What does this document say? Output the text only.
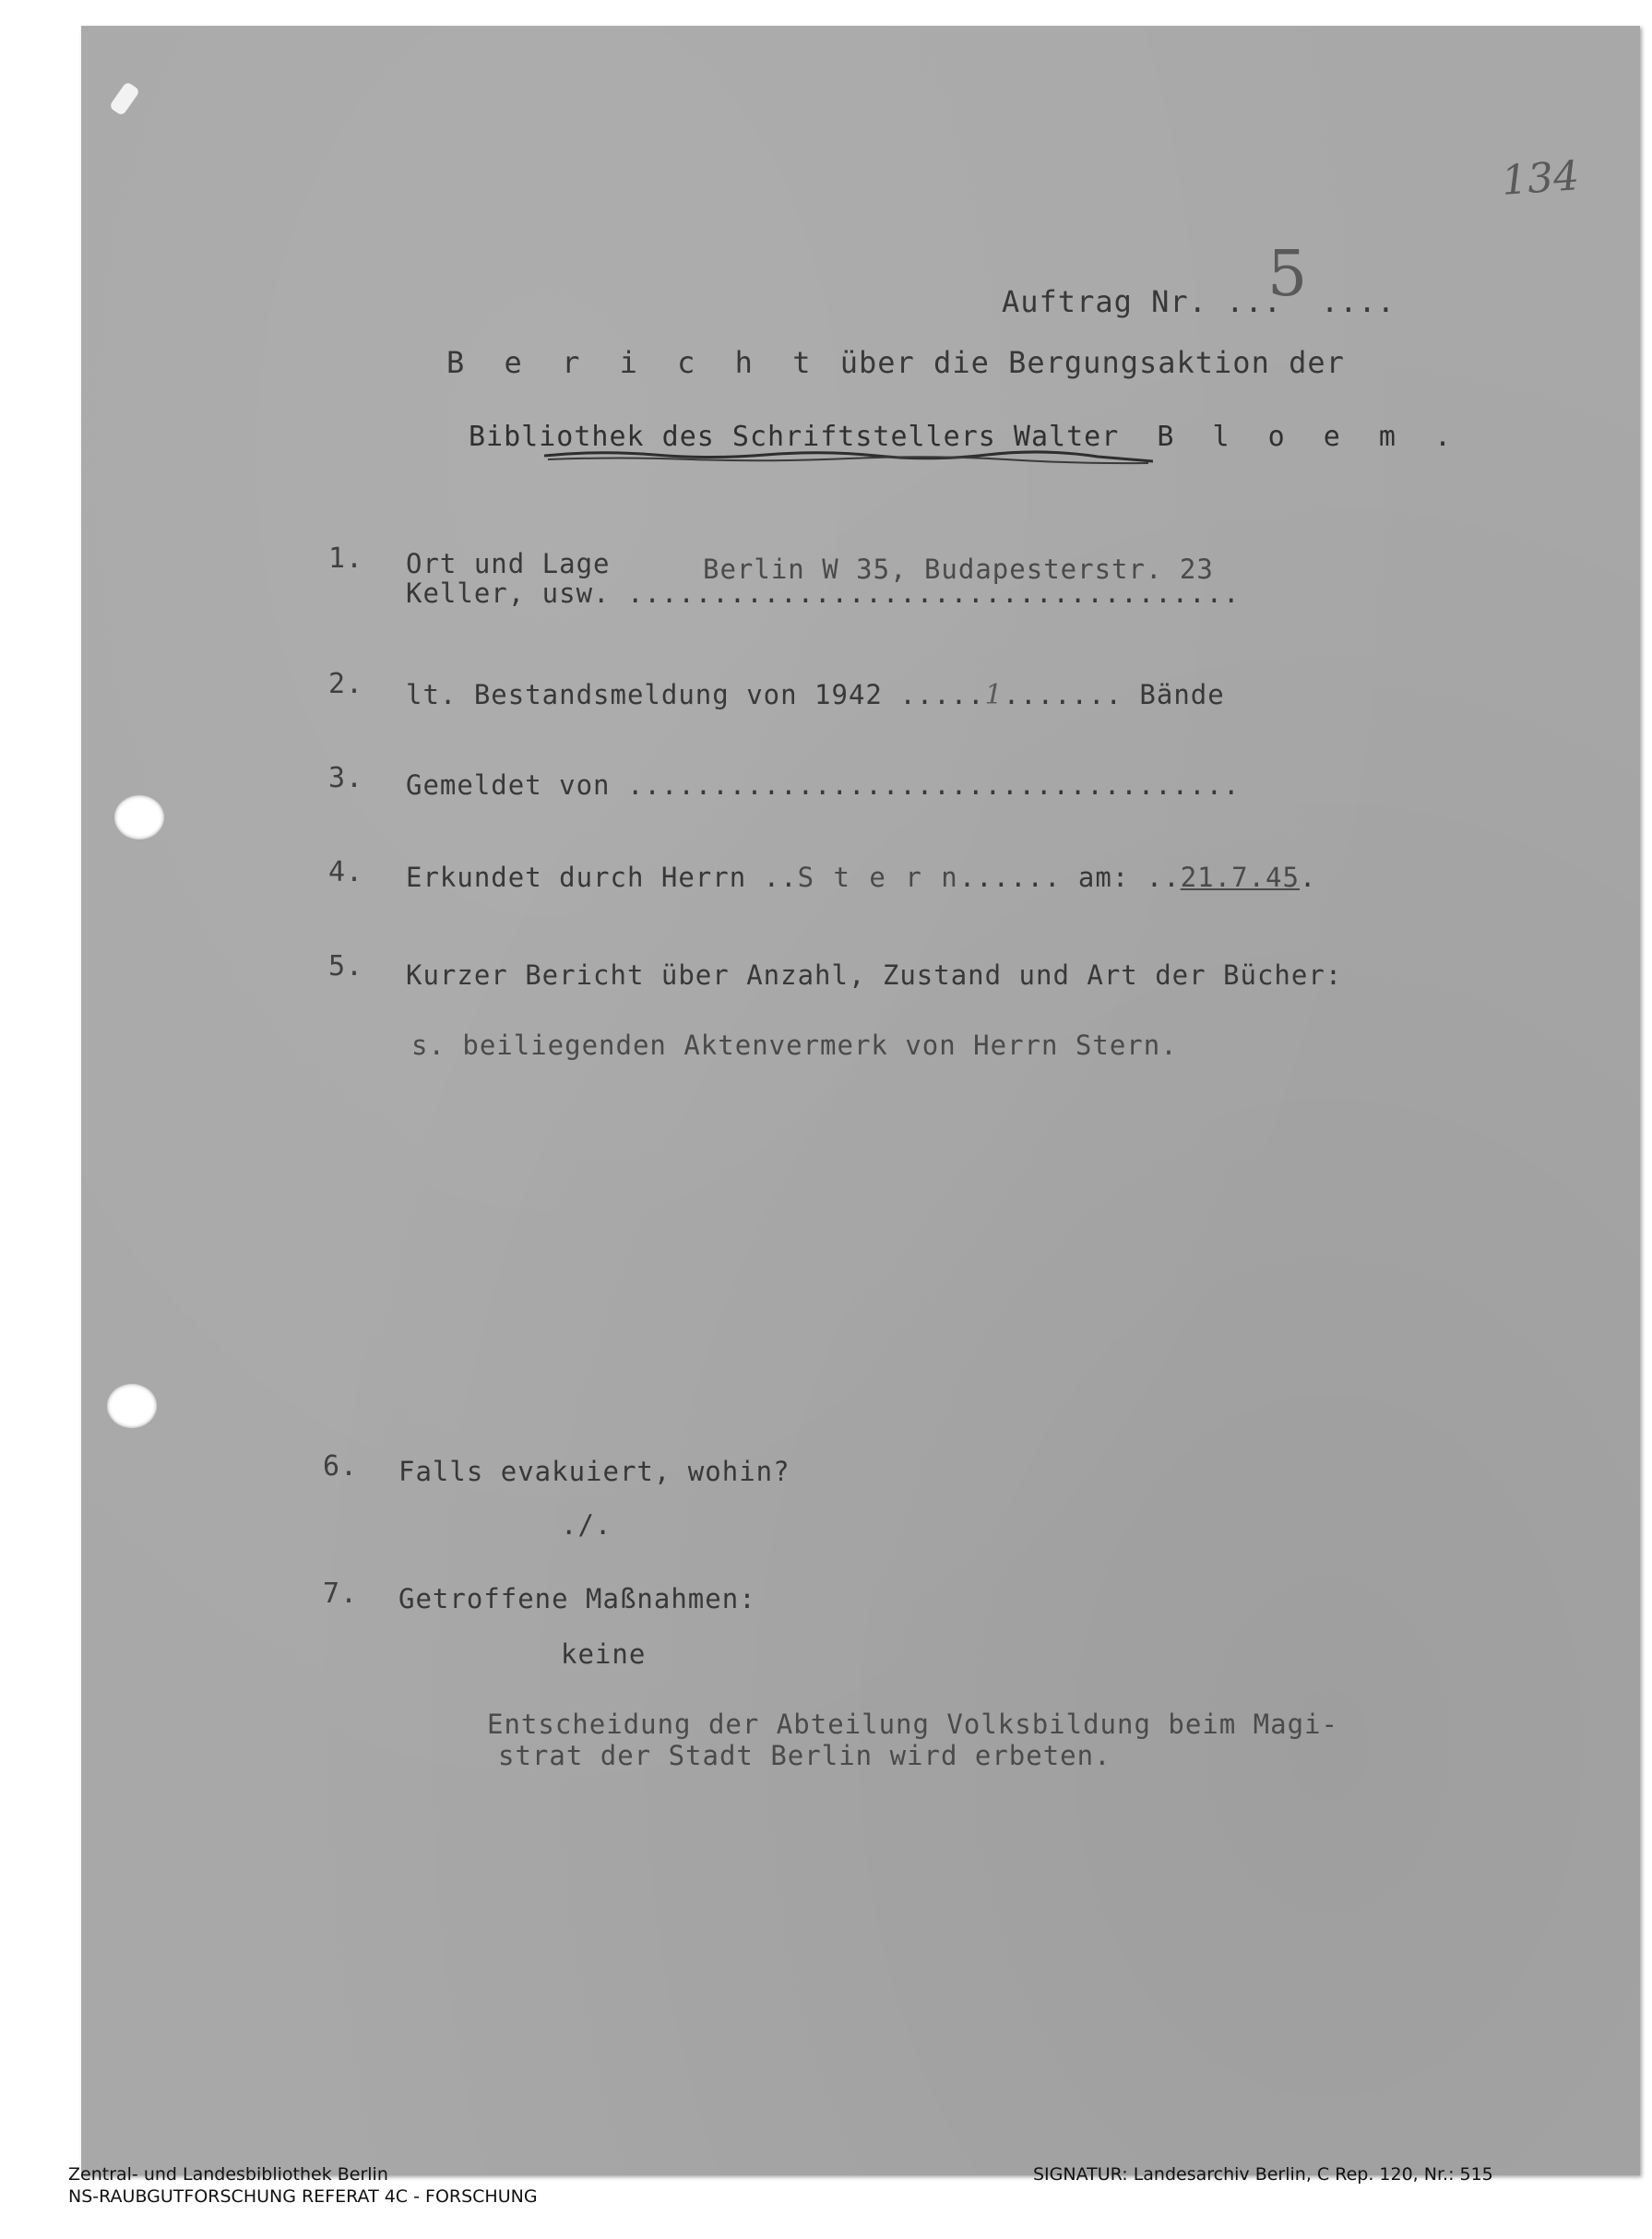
134
Auftrag Nr. ...
5 ....
B e r i c h t über die Bergungsaktion der
Bibliothek des Schriftstellers Walter B l o e m .
1. Ort und Lage	Berlin W 35, Budapesterstr. 23
Keller, usw. ....................................
2. lt. Bestandsmeldung von 1942 .....1....... Bände
3. Gemeldet von ....................................
4. Erkundet durch Herrn ..S t e r n...... am: ..21.7.45.
5. Kurzer Bericht über Anzahl, Zustand und Art der Bücher:
s. beiliegenden Aktenvermerk von Herrn Stern.
6. Falls evakuiert, wohin?
./.
7. Getroffene Maßnahmen:
keine
Entscheidung der Abteilung Volksbildung beim Magi-
strat der Stadt Berlin wird erbeten.
Zentral- und Landesbibliothek Berlin
NS-RAUBGUTFORSCHUNG REFERAT 4C - FORSCHUNG
SIGNATUR: Landesarchiv Berlin, C Rep. 120, Nr.: 515
